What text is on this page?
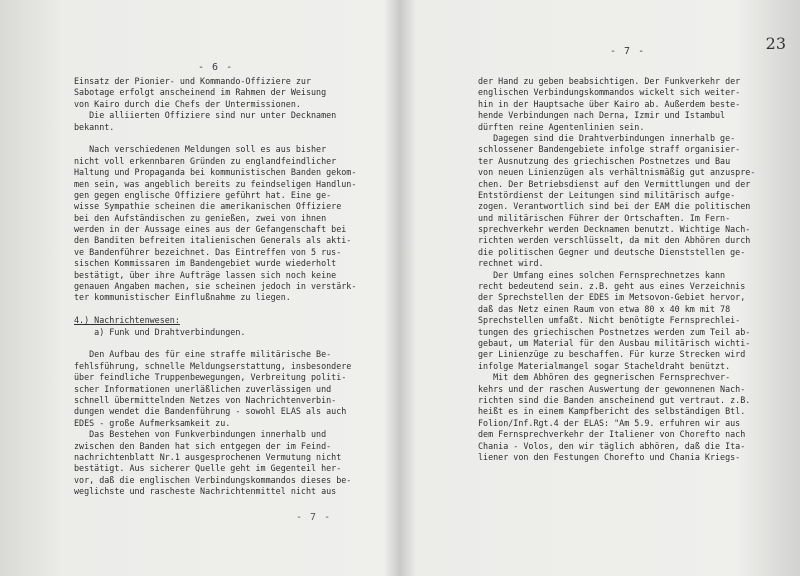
- 6 -
Einsatz der Pionier- und Kommando-Offiziere zur
Sabotage erfolgt anscheinend im Rahmen der Weisung
von Kairo durch die Chefs der Untermissionen.
Die alliierten Offiziere sind nur unter Decknamen
bekannt.
Nach verschiedenen Meldungen soll es aus bisher
nicht voll erkennbaren Gründen zu englandfeindlicher
Haltung und Propaganda bei kommunistischen Banden gekom-
men sein, was angeblich bereits zu feindseligen Handlun-
gen gegen englische Offiziere geführt hat. Eine ge-
wisse Sympathie scheinen die amerikanischen Offiziere
bei den Aufständischen zu genießen, zwei von ihnen
werden in der Aussage eines aus der Gefangenschaft bei
den Banditen befreiten italienischen Generals als akti-
ve Bandenführer bezeichnet. Das Eintreffen von 5 rus-
sischen Kommissaren im Bandengebiet wurde wiederholt
bestätigt, über ihre Aufträge lassen sich noch keine
genauen Angaben machen, sie scheinen jedoch in verstärk-
ter kommunistischer Einflußnahme zu liegen.
4.) Nachrichtenwesen:
a) Funk und Drahtverbindungen.
Den Aufbau des für eine straffe militärische Be-
fehlsführung, schnelle Meldungserstattung, insbesondere
über feindliche Truppenbewegungen, Verbreitung politi-
scher Informationen unerläßlichen zuverlässigen und
schnell übermittelnden Netzes von Nachrichtenverbin-
dungen wendet die Bandenführung - sowohl ELAS als auch
EDES - große Aufmerksamkeit zu.
Das Bestehen von Funkverbindungen innerhalb und
zwischen den Banden hat sich entgegen der im Feind-
nachrichtenblatt Nr.1 ausgesprochenen Vermutung nicht
bestätigt. Aus sicherer Quelle geht im Gegenteil her-
vor, daß die englischen Verbindungskommandos dieses be-
weglichste und rascheste Nachrichtenmittel nicht aus
- 7 -
- 7 -	23
der Hand zu geben beabsichtigen. Der Funkverkehr der
englischen Verbindungskommandos wickelt sich weiter-
hin in der Hauptsache über Kairo ab. Außerdem beste-
hende Verbindungen nach Derna, Izmir und Istambul
dürften reine Agentenlinien sein.
Dagegen sind die Drahtverbindungen innerhalb ge-
schlossener Bandengebiete infolge straff organisier-
ter Ausnutzung des griechischen Postnetzes und Bau
von neuen Linienzügen als verhältnismäßig gut anzuspre-
chen. Der Betriebsdienst auf den Vermittlungen und der
Entstördienst der Leitungen sind militärisch aufge-
zogen. Verantwortlich sind bei der EAM die politischen
und militärischen Führer der Ortschaften. Im Fern-
sprechverkehr werden Decknamen benutzt. Wichtige Nach-
richten werden verschlüsselt, da mit den Abhören durch
die politischen Gegner und deutsche Dienststellen ge-
rechnet wird.
Der Umfang eines solchen Fernsprechnetzes kann
recht bedeutend sein. z.B. geht aus eines Verzeichnis
der Sprechstellen der EDES im Metsovon-Gebiet hervor,
daß das Netz einen Raum von etwa 80 x 40 km mit 78
Sprechstellen umfaßt. Nicht benötigte Fernsprechlei-
tungen des griechischen Postnetzes werden zum Teil ab-
gebaut, um Material für den Ausbau militärisch wichti-
ger Linienzüge zu beschaffen. Für kurze Strecken wird
infolge Materialmangel sogar Stacheldraht benützt.
Mit dem Abhören des gegnerischen Fernsprechver-
kehrs und der raschen Auswertung der gewonnenen Nach-
richten sind die Banden anscheinend gut vertraut. z.B.
heißt es in einem Kampfbericht des selbständigen Btl.
Folion/Inf.Rgt.4 der ELAS: "Am 5.9. erfuhren wir aus
dem Fernsprechverkehr der Italiener von Chorefto nach
Chania - Volos, den wir täglich abhören, daß die Ita-
liener von den Festungen Chorefto und Chania Kriegs-
